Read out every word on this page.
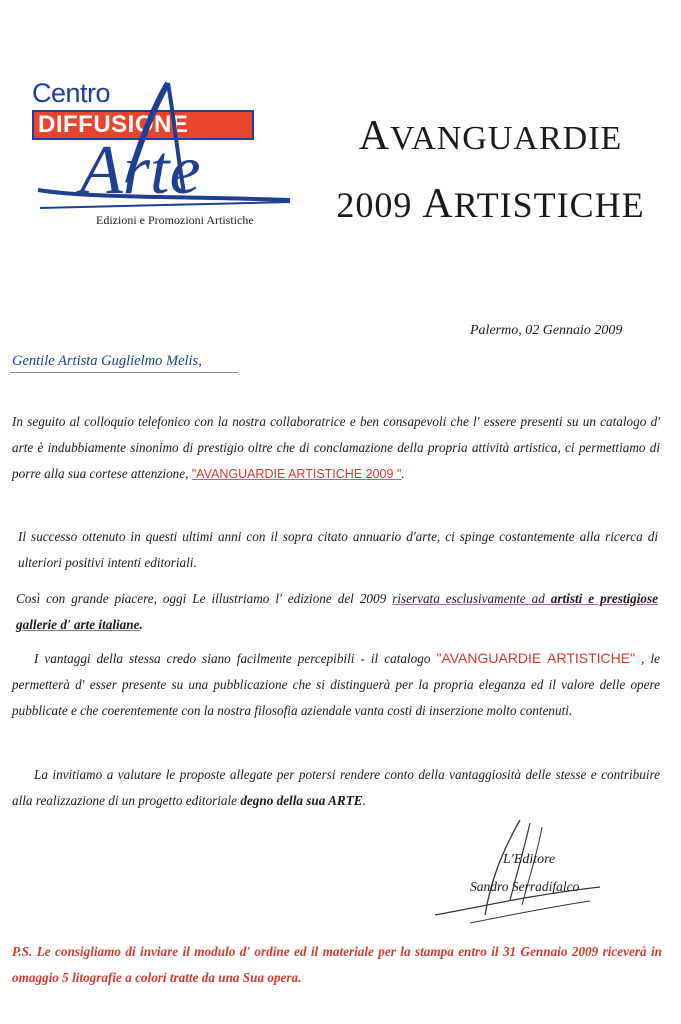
Centro
DIFFUSIONE
Arte
Edizioni e Promozioni Artistiche
AVANGUARDIE
2009 ARTISTICHE
Palermo, 02 Gennaio 2009
Gentile Artista Guglielmo Melis,
In seguito al colloquio telefonico con la nostra collaboratrice e ben consapevoli che l' essere presenti su un catalogo d' arte è indubbiamente sinonimo di prestigio oltre che di conclamazione della propria attività artistica, ci permettiamo di porre alla sua cortese attenzione, "AVANGUARDIE ARTISTICHE 2009 ".
Il successo ottenuto in questi ultimi anni con il sopra citato annuario d'arte, ci spinge costantemente alla ricerca di ulteriori positivi intenti editoriali.
Così con grande piacere, oggi Le illustriamo l' edizione del 2009 riservata esclusivamente ad artisti e prestigiose gallerie d' arte italiane.
I vantaggi della stessa credo siano facilmente percepibili - il catalogo "AVANGUARDIE ARTISTICHE" , le permetterà d' esser presente su una pubblicazione che si distinguerà per la propria eleganza ed il valore delle opere pubblicate e che coerentemente con la nostra filosofia aziendale vanta costi di inserzione molto contenuti.
La invitiamo a valutare le proposte allegate per potersi rendere conto della vantaggiosità delle stesse e contribuire alla realizzazione di un progetto editoriale degno della sua ARTE.
L'Editore
Sandro Serradifalco
P.S. Le consigliamo di inviare il modulo d' ordine ed il materiale per la stampa entro il 31 Gennaio 2009 riceverà in omaggio 5 litografie a colori tratte da una Sua opera.
